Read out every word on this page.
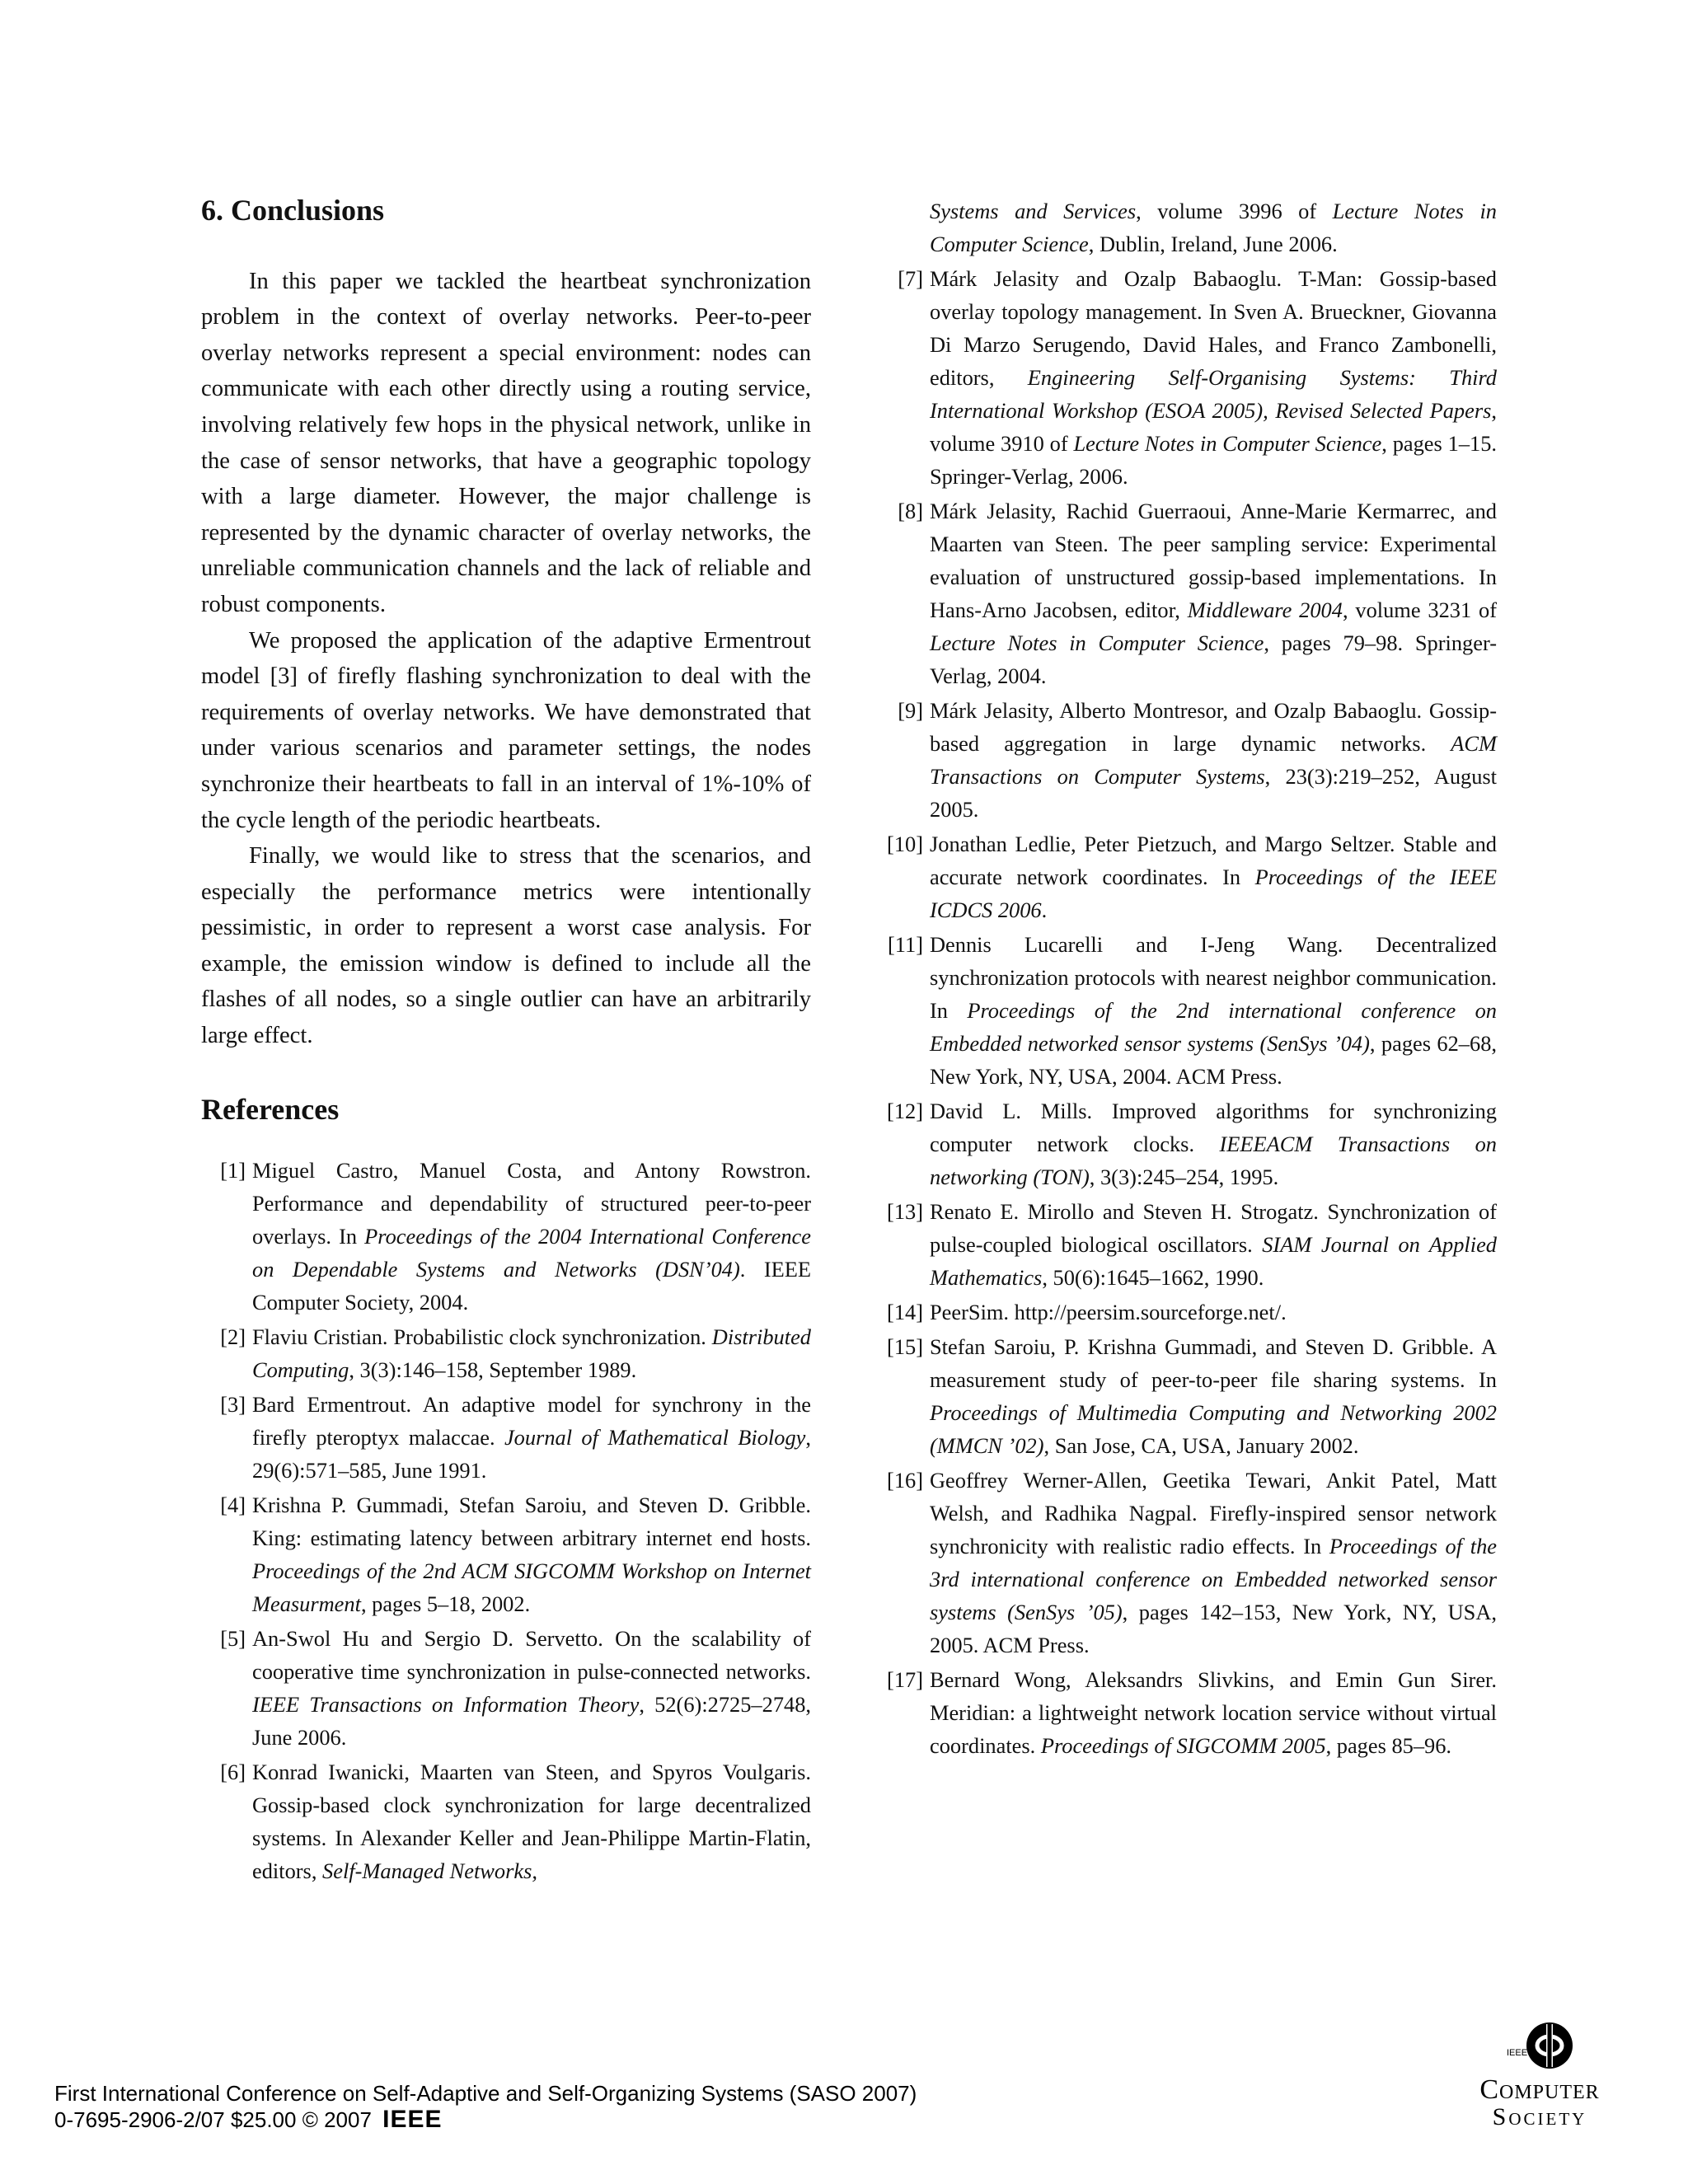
6. Conclusions

In this paper we tackled the heartbeat synchronization problem in the context of overlay networks. Peer-to-peer overlay networks represent a special environment: nodes can communicate with each other directly using a routing service, involving relatively few hops in the physical network, unlike in the case of sensor networks, that have a geographic topology with a large diameter. However, the major challenge is represented by the dynamic character of overlay networks, the unreliable communication channels and the lack of reliable and robust components.

We proposed the application of the adaptive Ermentrout model [3] of firefly flashing synchronization to deal with the requirements of overlay networks. We have demonstrated that under various scenarios and parameter settings, the nodes synchronize their heartbeats to fall in an interval of 1%-10% of the cycle length of the periodic heartbeats.

Finally, we would like to stress that the scenarios, and especially the performance metrics were intentionally pessimistic, in order to represent a worst case analysis. For example, the emission window is defined to include all the flashes of all nodes, so a single outlier can have an arbitrarily large effect.

References
[1] Miguel Castro, Manuel Costa, and Antony Rowstron. Performance and dependability of structured peer-to-peer overlays. In Proceedings of the 2004 International Conference on Dependable Systems and Networks (DSN’04). IEEE Computer Society, 2004.
[2] Flaviu Cristian. Probabilistic clock synchronization. Distributed Computing, 3(3):146–158, September 1989.
[3] Bard Ermentrout. An adaptive model for synchrony in the firefly pteroptyx malaccae. Journal of Mathematical Biology, 29(6):571–585, June 1991.
[4] Krishna P. Gummadi, Stefan Saroiu, and Steven D. Gribble. King: estimating latency between arbitrary internet end hosts. Proceedings of the 2nd ACM SIGCOMM Workshop on Internet Measurment, pages 5–18, 2002.
[5] An-Swol Hu and Sergio D. Servetto. On the scalability of cooperative time synchronization in pulse-connected networks. IEEE Transactions on Information Theory, 52(6):2725–2748, June 2006.
[6] Konrad Iwanicki, Maarten van Steen, and Spyros Voulgaris. Gossip-based clock synchronization for large decentralized systems. In Alexander Keller and Jean-Philippe Martin-Flatin, editors, Self-Managed Networks,
Systems and Services, volume 3996 of Lecture Notes in Computer Science, Dublin, Ireland, June 2006.
[7] Márk Jelasity and Ozalp Babaoglu. T-Man: Gossip-based overlay topology management. In Sven A. Brueckner, Giovanna Di Marzo Serugendo, David Hales, and Franco Zambonelli, editors, Engineering Self-Organising Systems: Third International Workshop (ESOA 2005), Revised Selected Papers, volume 3910 of Lecture Notes in Computer Science, pages 1–15. Springer-Verlag, 2006.
[8] Márk Jelasity, Rachid Guerraoui, Anne-Marie Kermarrec, and Maarten van Steen. The peer sampling service: Experimental evaluation of unstructured gossip-based implementations. In Hans-Arno Jacobsen, editor, Middleware 2004, volume 3231 of Lecture Notes in Computer Science, pages 79–98. Springer-Verlag, 2004.
[9] Márk Jelasity, Alberto Montresor, and Ozalp Babaoglu. Gossip-based aggregation in large dynamic networks. ACM Transactions on Computer Systems, 23(3):219–252, August 2005.
[10] Jonathan Ledlie, Peter Pietzuch, and Margo Seltzer. Stable and accurate network coordinates. In Proceedings of the IEEE ICDCS 2006.
[11] Dennis Lucarelli and I-Jeng Wang. Decentralized synchronization protocols with nearest neighbor communication. In Proceedings of the 2nd international conference on Embedded networked sensor systems (SenSys ’04), pages 62–68, New York, NY, USA, 2004. ACM Press.
[12] David L. Mills. Improved algorithms for synchronizing computer network clocks. IEEEACM Transactions on networking (TON), 3(3):245–254, 1995.
[13] Renato E. Mirollo and Steven H. Strogatz. Synchronization of pulse-coupled biological oscillators. SIAM Journal on Applied Mathematics, 50(6):1645–1662, 1990.
[14] PeerSim. http://peersim.sourceforge.net/.
[15] Stefan Saroiu, P. Krishna Gummadi, and Steven D. Gribble. A measurement study of peer-to-peer file sharing systems. In Proceedings of Multimedia Computing and Networking 2002 (MMCN ’02), San Jose, CA, USA, January 2002.
[16] Geoffrey Werner-Allen, Geetika Tewari, Ankit Patel, Matt Welsh, and Radhika Nagpal. Firefly-inspired sensor network synchronicity with realistic radio effects. In Proceedings of the 3rd international conference on Embedded networked sensor systems (SenSys ’05), pages 142–153, New York, NY, USA, 2005. ACM Press.
[17] Bernard Wong, Aleksandrs Slivkins, and Emin Gun Sirer. Meridian: a lightweight network location service without virtual coordinates. Proceedings of SIGCOMM 2005, pages 85–96.
First International Conference on Self-Adaptive and Self-Organizing Systems (SASO 2007)
0-7695-2906-2/07 $25.00 © 2007 IEEE
IEEE
Computer
Society
